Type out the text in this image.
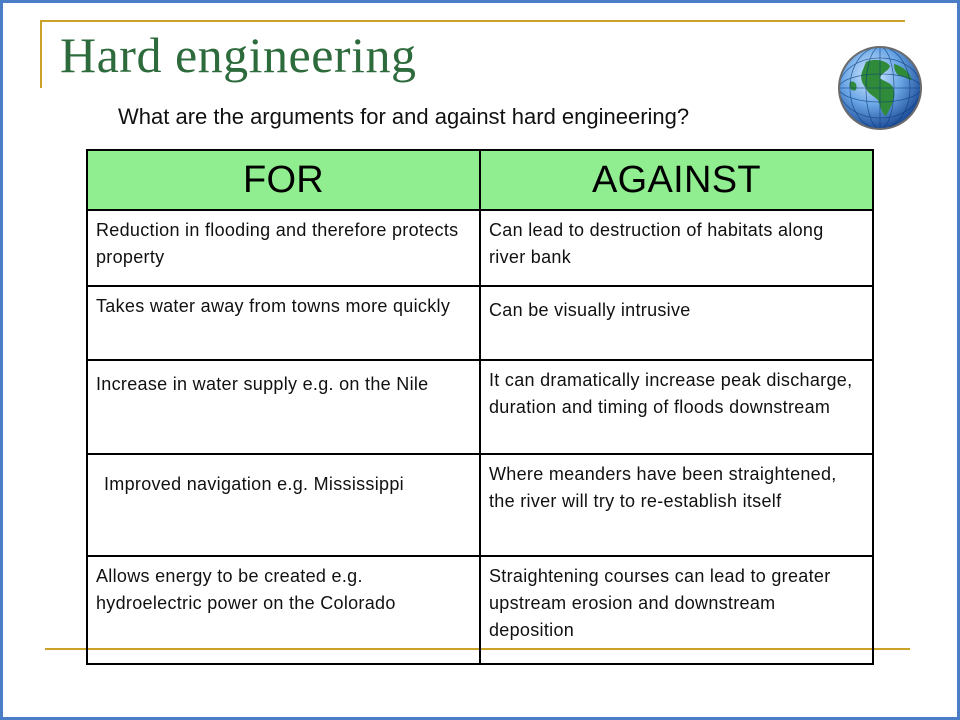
Hard engineering
What are the arguments for and against hard engineering?
FOR	AGAINST
Reduction in flooding and therefore protects property	Can lead to destruction of habitats along river bank
Takes water away from towns more quickly	Can be visually intrusive
Increase in water supply e.g. on the Nile	It can dramatically increase peak discharge, duration and timing of floods downstream
Improved navigation e.g. Mississippi	Where meanders have been straightened, the river will try to re-establish itself
Allows energy to be created e.g. hydroelectric power on the Colorado	Straightening courses can lead to greater upstream erosion and downstream deposition
